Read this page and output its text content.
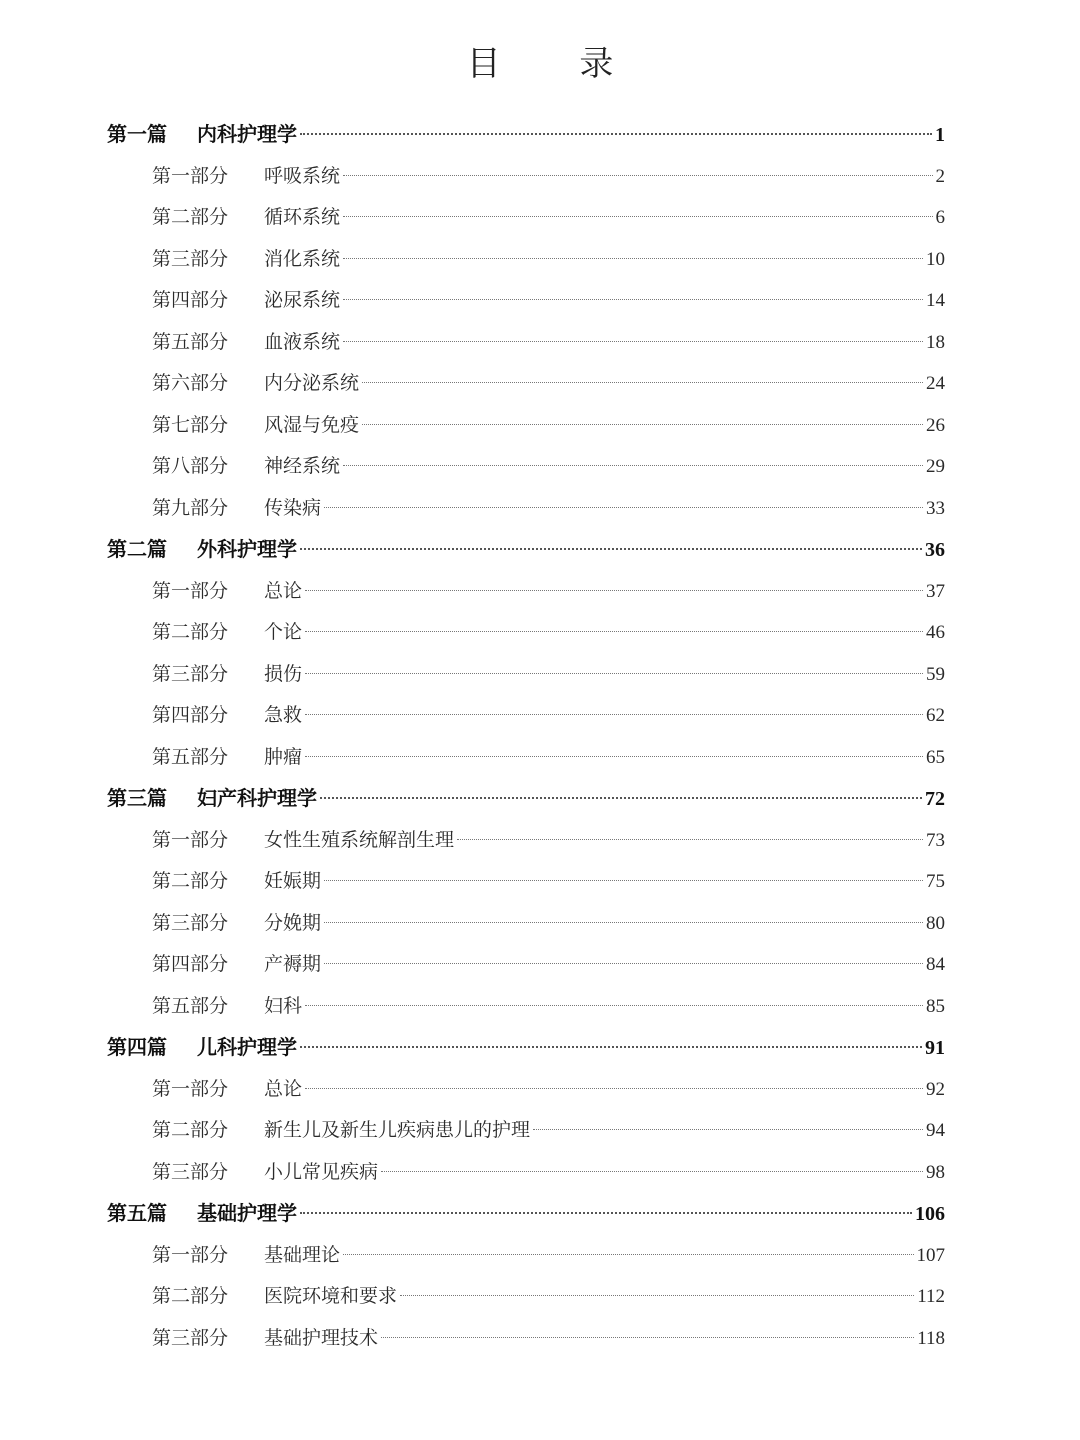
目 录
第一篇	内科护理学	1
第一部分	呼吸系统	2
第二部分	循环系统	6
第三部分	消化系统	10
第四部分	泌尿系统	14
第五部分	血液系统	18
第六部分	内分泌系统	24
第七部分	风湿与免疫	26
第八部分	神经系统	29
第九部分	传染病	33
第二篇	外科护理学	36
第一部分	总论	37
第二部分	个论	46
第三部分	损伤	59
第四部分	急救	62
第五部分	肿瘤	65
第三篇	妇产科护理学	72
第一部分	女性生殖系统解剖生理	73
第二部分	妊娠期	75
第三部分	分娩期	80
第四部分	产褥期	84
第五部分	妇科	85
第四篇	儿科护理学	91
第一部分	总论	92
第二部分	新生儿及新生儿疾病患儿的护理	94
第三部分	小儿常见疾病	98
第五篇	基础护理学	106
第一部分	基础理论	107
第二部分	医院环境和要求	112
第三部分	基础护理技术	118
